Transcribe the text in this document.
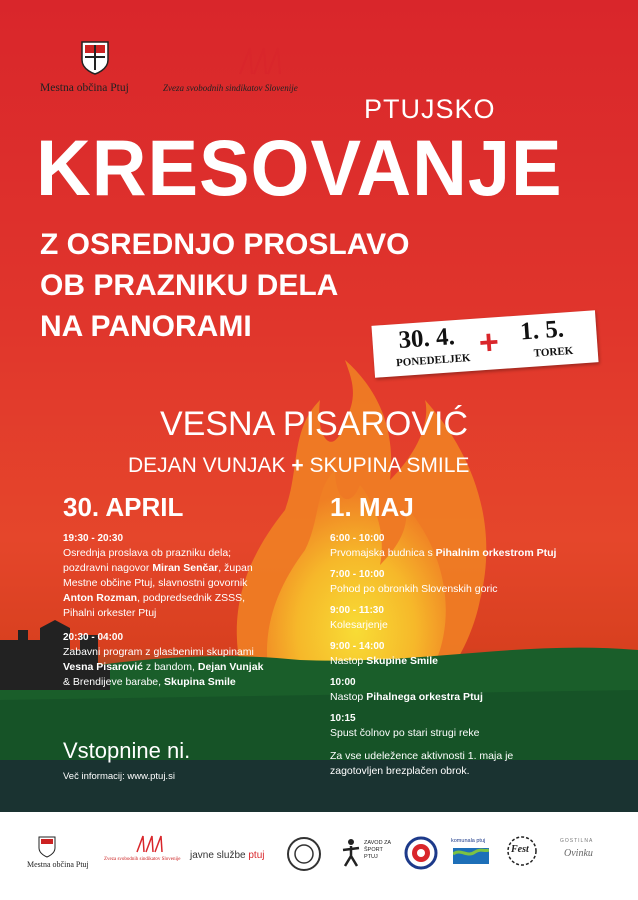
Mestna občina Ptuj	Zveza svobodnih sindikatov Slovenije
PTUJSKO
KRESOVANJE
Z OSREDNJO PROSLAVO
OB PRAZNIKU DELA
NA PANORAMI	30. 4.
PONEDELJEK + 1. 5.
TOREK
VESNA PISAROVIĆ
DEJAN VUNJAK + SKUPINA SMILE
30. APRIL
19:30 - 20:30
Osrednja proslava ob prazniku dela;
pozdravni nagovor Miran Senčar, župan
Mestne občine Ptuj, slavnostni govornik
Anton Rozman, podpredsednik ZSSS,
Pihalni orkester Ptuj
20:30 - 04:00
Zabavni program z glasbenimi skupinami
Vesna Pisarović z bandom, Dejan Vunjak
& Brendijeve barabe, Skupina Smile
1. MAJ
6:00 - 10:00
Prvomajska budnica s Pihalnim orkestrom Ptuj
7:00 - 10:00
Pohod po obronkih Slovenskih goric
9:00 - 11:30
Kolesarjenje
9:00 - 14:00
Nastop Skupine Smile
10:00
Nastop Pihalnega orkestra Ptuj
10:15
Spust čolnov po stari strugi reke
Za vse udeležence aktivnosti 1. maja je
zagotovljen brezplačen obrok.
Vstopnine ni.
Več informacij: www.ptuj.si
Mestna občina Ptuj
Zveza svobodnih sindikatov Slovenije javne službe ptuj
ZAVOD ZA ŠPORT PTUJ
komunala ptuj
Fest
GOSTILNA
Ovinku
